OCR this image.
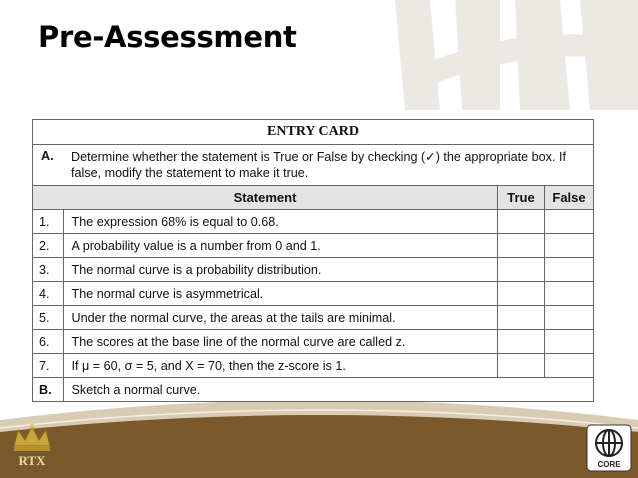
Pre-Assessment
ENTRY CARD
A.	Determine whether the statement is True or False by checking (✓) the appropriate box. If false, modify the statement to make it true.
Statement		True	False
1.	The expression 68% is equal to 0.68.		
2.	A probability value is a number from 0 and 1.		
3.	The normal curve is a probability distribution.		
4.	The normal curve is asymmetrical.		
5.	Under the normal curve, the areas at the tails are minimal.		
6.	The scores at the base line of the normal curve are called z.		
7.	If μ = 60, σ = 5, and X = 70, then the z-score is 1.		
B.	Sketch a normal curve.		
RTX	CORE
